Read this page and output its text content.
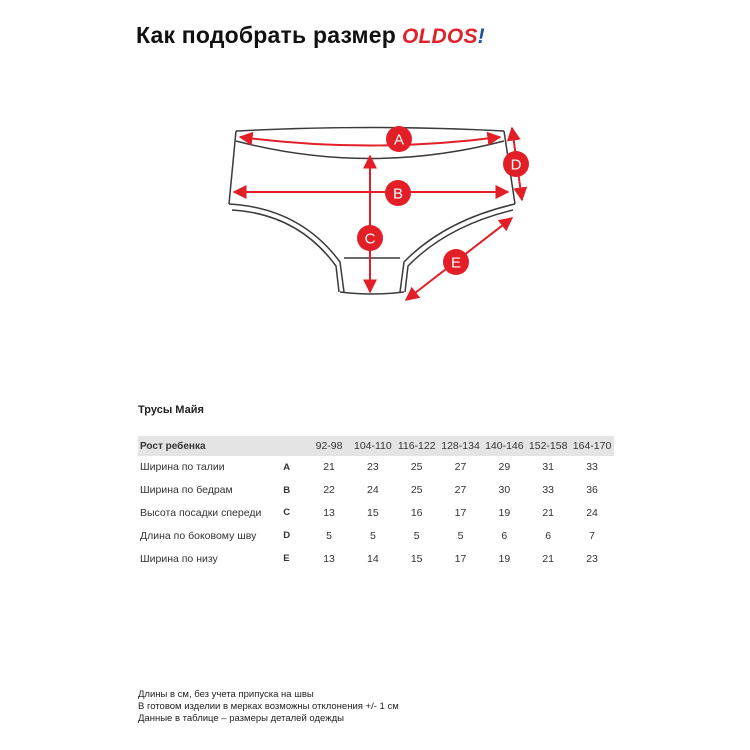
Как подобрать размер OLDOS !
A
B
C
D
E
Трусы Майя
Рост ребенка		92-98	104-110	116-122	128-134	140-146	152-158	164-170
Ширина по талии	A	21	23	25	27	29	31	33
Ширина по бедрам	B	22	24	25	27	30	33	36
Высота посадки спереди	C	13	15	16	17	19	21	24
Длина по боковому шву	D	5	5	5	5	6	6	7
Ширина по низу	E	13	14	15	17	19	21	23
Длины в см, без учета припуска на швы
В готовом изделии в мерках возможны отклонения +/- 1 см
Данные в таблице – размеры деталей одежды
